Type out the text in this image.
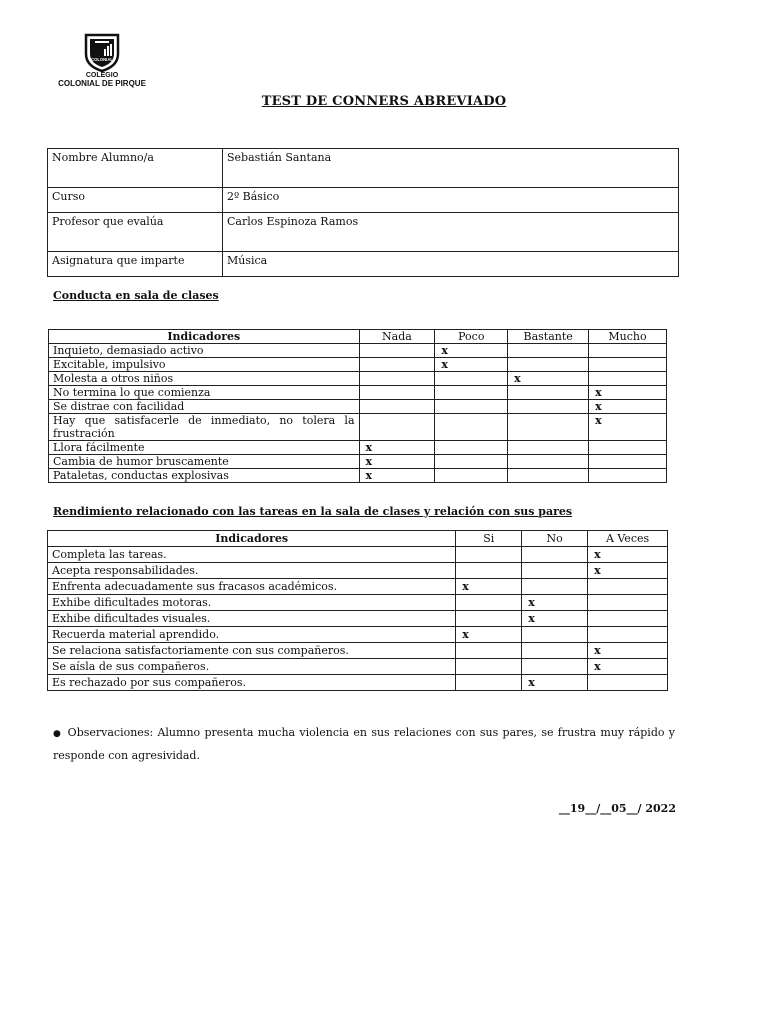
COLONIAL
COLEGIO
COLONIAL DE PIRQUE
TEST DE CONNERS ABREVIADO
Nombre Alumno/a	Sebastián Santana
Curso	2º Básico
Profesor que evalúa	Carlos Espinoza Ramos
Asignatura que imparte	Música
Conducta en sala de clases
Indicadores	Nada	Poco	Bastante	Mucho
Inquieto, demasiado activo		x		
Excitable, impulsivo		x		
Molesta a otros niños			x	
No termina lo que comienza				x
Se distrae con facilidad				x
Hay que satisfacerle de inmediato, no tolera la frustración				x
Llora fácilmente	x			
Cambia de humor bruscamente	x			
Pataletas, conductas explosivas	x			
Rendimiento relacionado con las tareas en la sala de clases y relación con sus pares
Indicadores	Si	No	A Veces
Completa las tareas.			x
Acepta responsabilidades.			x
Enfrenta adecuadamente sus fracasos académicos.	x		
Exhibe dificultades motoras.		x	
Exhibe dificultades visuales.		x	
Recuerda material aprendido.	x		
Se relaciona satisfactoriamente con sus compañeros.			x
Se aísla de sus compañeros.			x
Es rechazado por sus compañeros.		x	
● Observaciones: Alumno presenta mucha violencia en sus relaciones con sus pares, se frustra muy rápido y responde con agresividad.
__19__/__05__/ 2022
